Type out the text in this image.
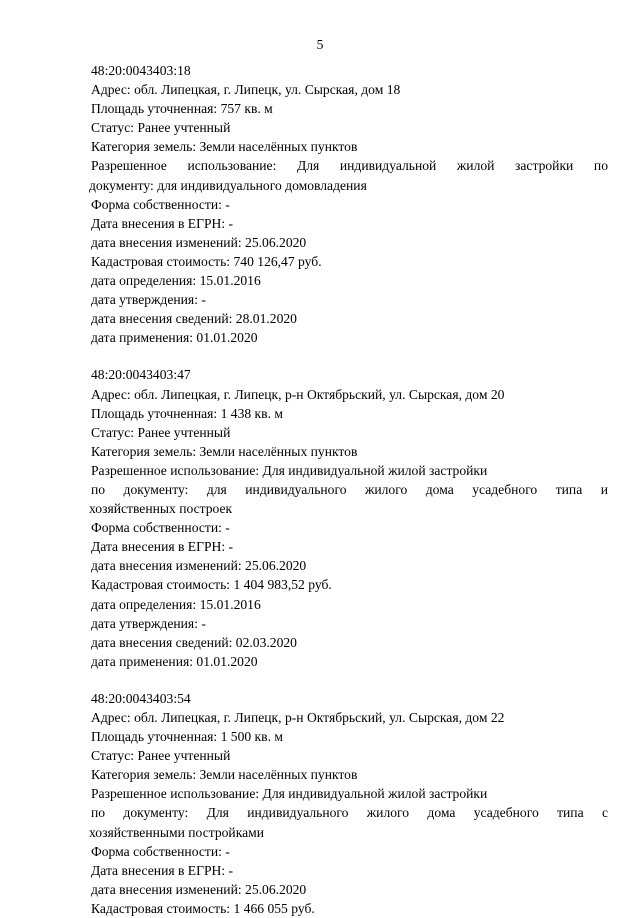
5
48:20:0043403:18
Адрес: обл. Липецкая, г. Липецк, ул. Сырская, дом 18
Площадь уточненная: 757 кв. м
Статус: Ранее учтенный
Категория земель: Земли населённых пунктов
Разрешенное использование: Для индивидуальной жилой застройки по
документу: для индивидуального домовладения
Форма собственности: -
Дата внесения в ЕГРН: -
дата внесения изменений: 25.06.2020
Кадастровая стоимость: 740 126,47 руб.
дата определения: 15.01.2016
дата утверждения: -
дата внесения сведений: 28.01.2020
дата применения: 01.01.2020
48:20:0043403:47
Адрес: обл. Липецкая, г. Липецк, р-н Октябрьский, ул. Сырская, дом 20
Площадь уточненная: 1 438 кв. м
Статус: Ранее учтенный
Категория земель: Земли населённых пунктов
Разрешенное использование: Для индивидуальной жилой застройки
по документу: для индивидуального жилого дома усадебного типа и
хозяйственных построек
Форма собственности: -
Дата внесения в ЕГРН: -
дата внесения изменений: 25.06.2020
Кадастровая стоимость: 1 404 983,52 руб.
дата определения: 15.01.2016
дата утверждения: -
дата внесения сведений: 02.03.2020
дата применения: 01.01.2020
48:20:0043403:54
Адрес: обл. Липецкая, г. Липецк, р-н Октябрьский, ул. Сырская, дом 22
Площадь уточненная: 1 500 кв. м
Статус: Ранее учтенный
Категория земель: Земли населённых пунктов
Разрешенное использование: Для индивидуальной жилой застройки
по документу: Для индивидуального жилого дома усадебного типа с
хозяйственными постройками
Форма собственности: -
Дата внесения в ЕГРН: -
дата внесения изменений: 25.06.2020
Кадастровая стоимость: 1 466 055 руб.
